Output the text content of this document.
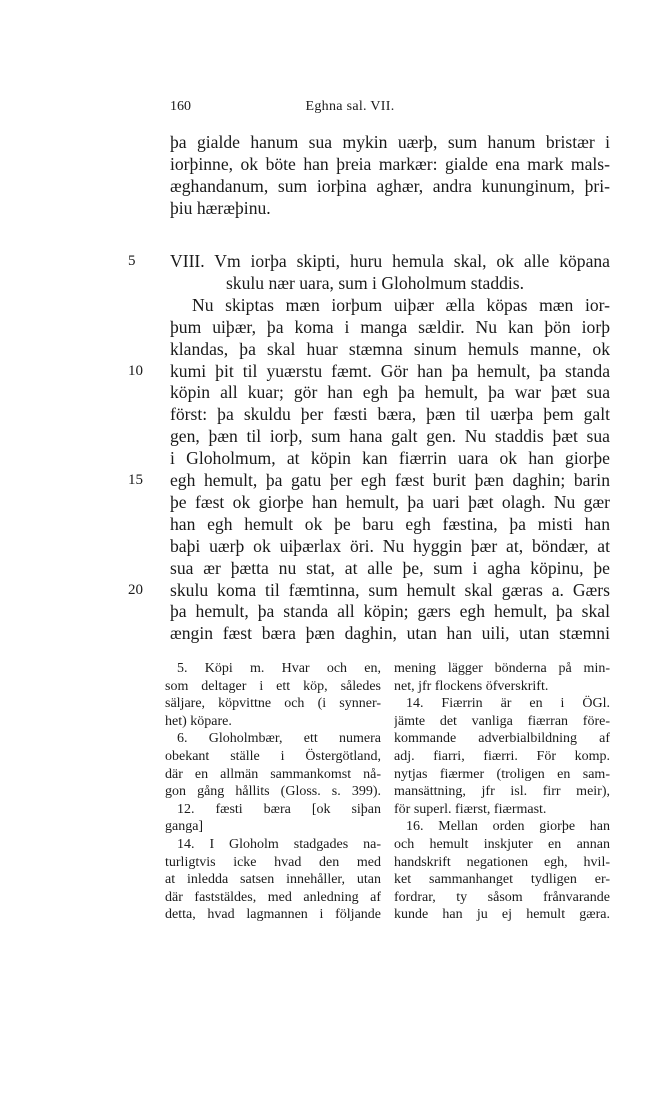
160	Eghna sal. VII.
þa gialde hanum sua mykin uærþ, sum hanum bristær i
iorþinne, ok böte han þreia markær: gialde ena mark mals-
æghandanum, sum iorþina aghær, andra kununginum, þri-
þiu hæræþinu.
VIII. Vm iorþa skipti, huru hemula skal, ok alle köpana
5
skulu nær uara, sum i Gloholmum staddis.
Nu skiptas mæn iorþum uiþær ælla köpas mæn ior-
þum uiþær, þa koma i manga sældir. Nu kan þön iorþ
klandas, þa skal huar stæmna sinum hemuls manne, ok
kumi þit til yuærstu fæmt. Gör han þa hemult, þa standa
10
köpin all kuar; gör han egh þa hemult, þa war þæt sua
först: þa skuldu þer fæsti bæra, þæn til uærþa þem galt
gen, þæn til iorþ, sum hana galt gen. Nu staddis þæt sua
i Gloholmum, at köpin kan fiærrin uara ok han giorþe
egh hemult, þa gatu þer egh fæst burit þæn daghin; barin
15
þe fæst ok giorþe han hemult, þa uari þæt olagh. Nu gær
han egh hemult ok þe baru egh fæstina, þa misti han
baþi uærþ ok uiþærlax öri. Nu hyggin þær at, böndær, at
sua ær þætta nu stat, at alle þe, sum i agha köpinu, þe
skulu koma til fæmtinna, sum hemult skal gæras a. Gærs
20
þa hemult, þa standa all köpin; gærs egh hemult, þa skal
ængin fæst bæra þæn daghin, utan han uili, utan stæmni
5. Köpi m. Hvar och en,
som deltager i ett köp, således
säljare, köpvittne och (i synner-
het) köpare.
6. Gloholmbær, ett numera
obekant ställe i Östergötland,
där en allmän sammankomst nå-
gon gång hållits (Gloss. s. 399).
12. fæsti bæra [ok siþan
ganga]
14. I Gloholm stadgades na-
turligtvis icke hvad den med
at inledda satsen innehåller, utan
där faststäldes, med anledning af
detta, hvad lagmannen i följande
mening lägger bönderna på min-
net, jfr flockens öfverskrift.
14. Fiærrin är en i ÖGl.
jämte det vanliga fiærran före-
kommande adverbialbildning af
adj. fiarri, fiærri. För komp.
nytjas fiærmer (troligen en sam-
mansättning, jfr isl. firr meir),
för superl. fiærst, fiærmast.
16. Mellan orden giorþe han
och hemult inskjuter en annan
handskrift negationen egh, hvil-
ket sammanhanget tydligen er-
fordrar, ty såsom frånvarande
kunde han ju ej hemult gæra.
